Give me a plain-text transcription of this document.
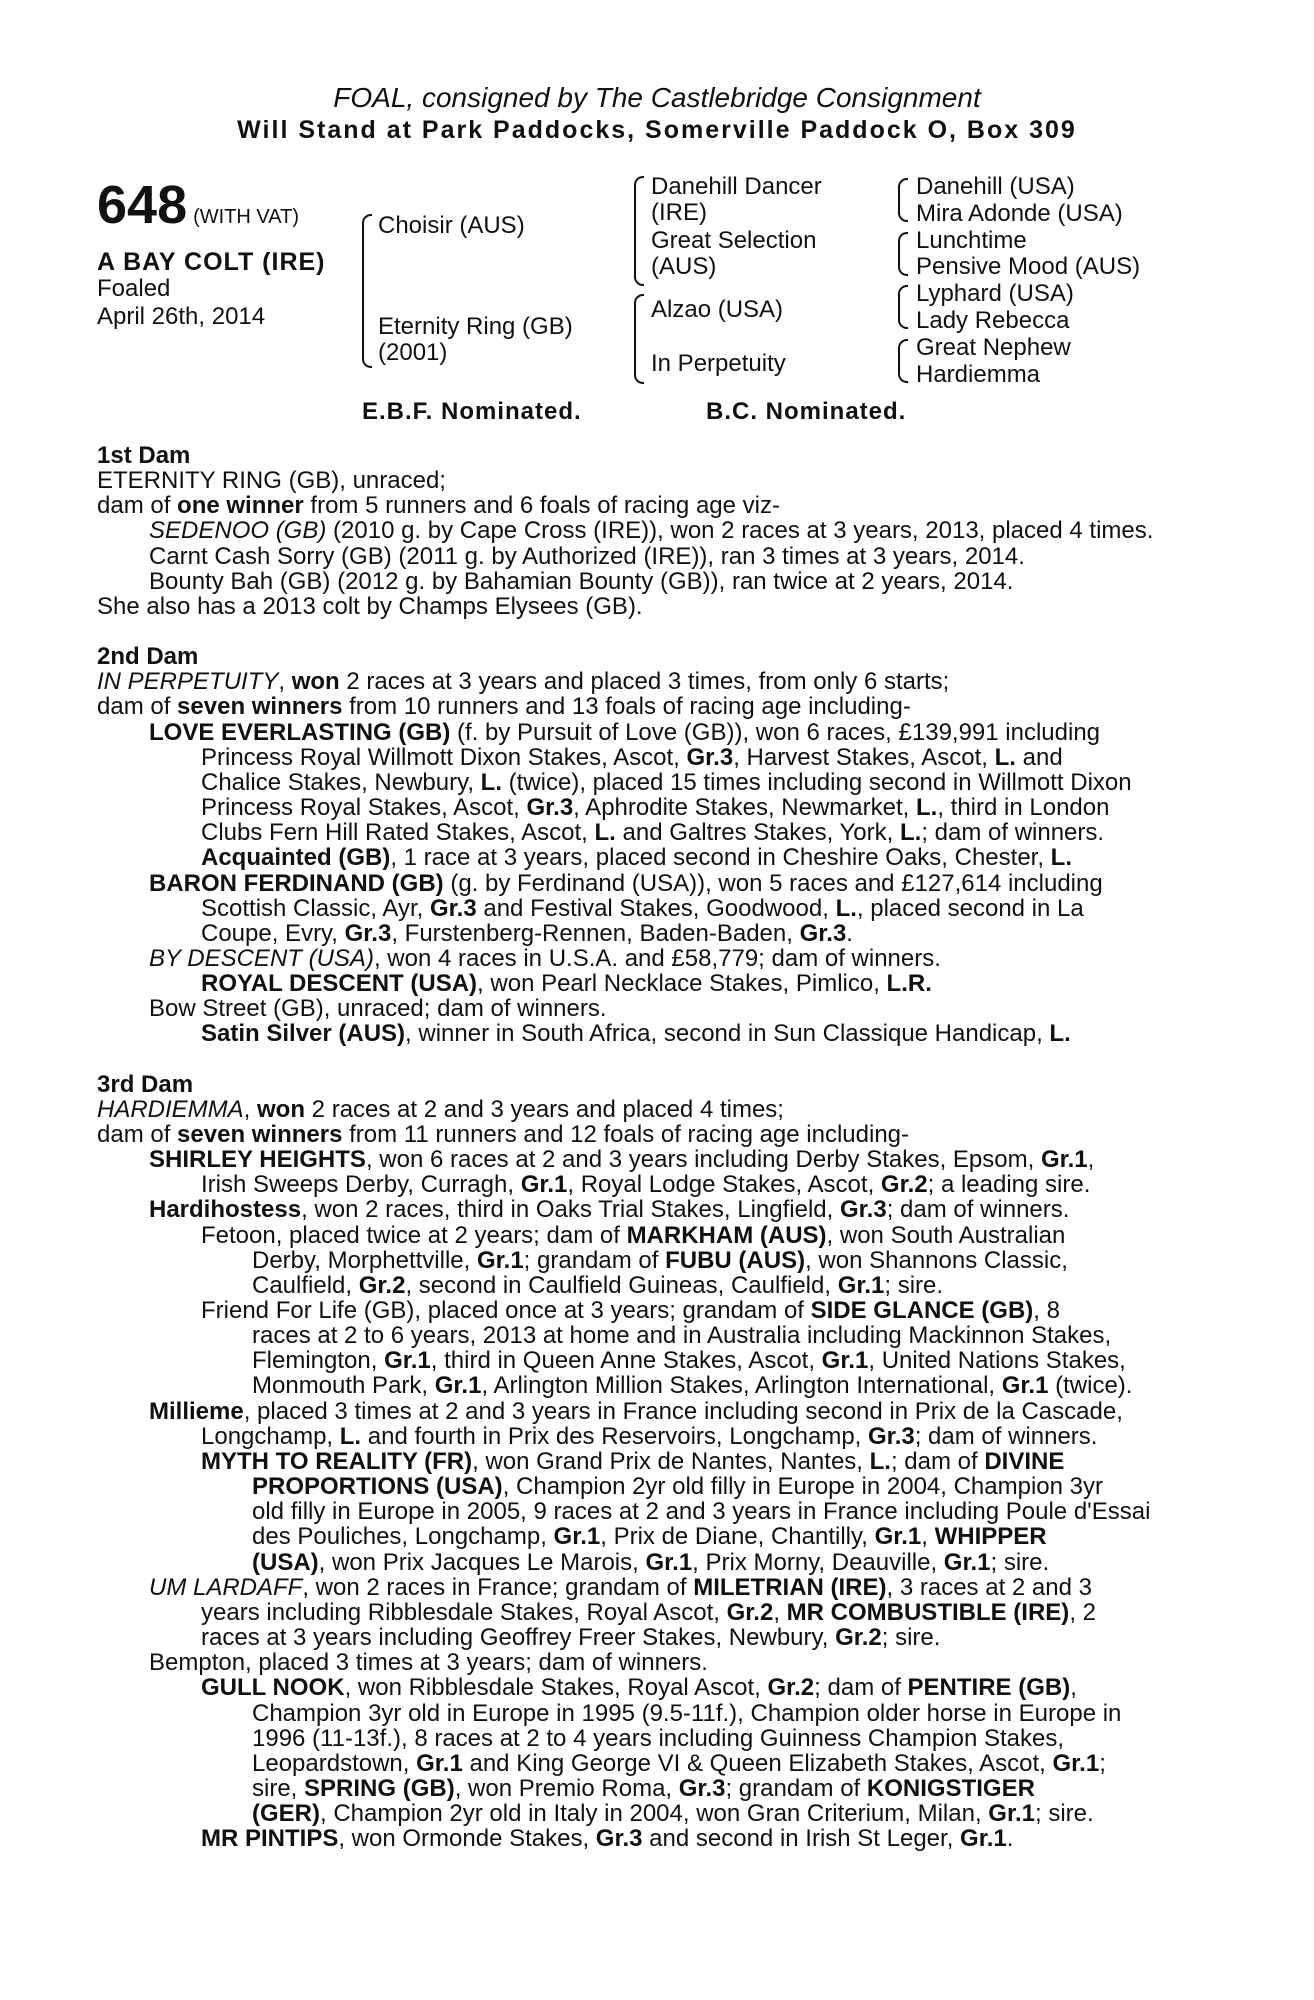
FOAL, consigned by The Castlebridge Consignment
Will Stand at Park Paddocks, Somerville Paddock O, Box 309
648 (WITH VAT)
A BAY COLT (IRE)
Foaled
April 26th, 2014
Choisir (AUS)
Eternity Ring (GB)
(2001)
Danehill Dancer
(IRE)
Great Selection
(AUS)
Alzao (USA)
In Perpetuity
Danehill (USA)
Mira Adonde (USA)
Lunchtime
Pensive Mood (AUS)
Lyphard (USA)
Lady Rebecca
Great Nephew
Hardiemma
E.B.F. Nominated.	B.C. Nominated.
1st Dam
ETERNITY RING (GB), unraced;
dam of one winner from 5 runners and 6 foals of racing age viz-
SEDENOO (GB) (2010 g. by Cape Cross (IRE)), won 2 races at 3 years, 2013, placed 4 times.
Carnt Cash Sorry (GB) (2011 g. by Authorized (IRE)), ran 3 times at 3 years, 2014.
Bounty Bah (GB) (2012 g. by Bahamian Bounty (GB)), ran twice at 2 years, 2014.
She also has a 2013 colt by Champs Elysees (GB).
2nd Dam
IN PERPETUITY, won 2 races at 3 years and placed 3 times, from only 6 starts;
dam of seven winners from 10 runners and 13 foals of racing age including-
LOVE EVERLASTING (GB) (f. by Pursuit of Love (GB)), won 6 races, £139,991 including
Princess Royal Willmott Dixon Stakes, Ascot, Gr.3, Harvest Stakes, Ascot, L. and
Chalice Stakes, Newbury, L. (twice), placed 15 times including second in Willmott Dixon
Princess Royal Stakes, Ascot, Gr.3, Aphrodite Stakes, Newmarket, L., third in London
Clubs Fern Hill Rated Stakes, Ascot, L. and Galtres Stakes, York, L.; dam of winners.
Acquainted (GB), 1 race at 3 years, placed second in Cheshire Oaks, Chester, L.
BARON FERDINAND (GB) (g. by Ferdinand (USA)), won 5 races and £127,614 including
Scottish Classic, Ayr, Gr.3 and Festival Stakes, Goodwood, L., placed second in La
Coupe, Evry, Gr.3, Furstenberg-Rennen, Baden-Baden, Gr.3.
BY DESCENT (USA), won 4 races in U.S.A. and £58,779; dam of winners.
ROYAL DESCENT (USA), won Pearl Necklace Stakes, Pimlico, L.R.
Bow Street (GB), unraced; dam of winners.
Satin Silver (AUS), winner in South Africa, second in Sun Classique Handicap, L.
3rd Dam
HARDIEMMA, won 2 races at 2 and 3 years and placed 4 times;
dam of seven winners from 11 runners and 12 foals of racing age including-
SHIRLEY HEIGHTS, won 6 races at 2 and 3 years including Derby Stakes, Epsom, Gr.1,
Irish Sweeps Derby, Curragh, Gr.1, Royal Lodge Stakes, Ascot, Gr.2; a leading sire.
Hardihostess, won 2 races, third in Oaks Trial Stakes, Lingfield, Gr.3; dam of winners.
Fetoon, placed twice at 2 years; dam of MARKHAM (AUS), won South Australian
Derby, Morphettville, Gr.1; grandam of FUBU (AUS), won Shannons Classic,
Caulfield, Gr.2, second in Caulfield Guineas, Caulfield, Gr.1; sire.
Friend For Life (GB), placed once at 3 years; grandam of SIDE GLANCE (GB), 8
races at 2 to 6 years, 2013 at home and in Australia including Mackinnon Stakes,
Flemington, Gr.1, third in Queen Anne Stakes, Ascot, Gr.1, United Nations Stakes,
Monmouth Park, Gr.1, Arlington Million Stakes, Arlington International, Gr.1 (twice).
Millieme, placed 3 times at 2 and 3 years in France including second in Prix de la Cascade,
Longchamp, L. and fourth in Prix des Reservoirs, Longchamp, Gr.3; dam of winners.
MYTH TO REALITY (FR), won Grand Prix de Nantes, Nantes, L.; dam of DIVINE
PROPORTIONS (USA), Champion 2yr old filly in Europe in 2004, Champion 3yr
old filly in Europe in 2005, 9 races at 2 and 3 years in France including Poule d'Essai
des Pouliches, Longchamp, Gr.1, Prix de Diane, Chantilly, Gr.1, WHIPPER
(USA), won Prix Jacques Le Marois, Gr.1, Prix Morny, Deauville, Gr.1; sire.
UM LARDAFF, won 2 races in France; grandam of MILETRIAN (IRE), 3 races at 2 and 3
years including Ribblesdale Stakes, Royal Ascot, Gr.2, MR COMBUSTIBLE (IRE), 2
races at 3 years including Geoffrey Freer Stakes, Newbury, Gr.2; sire.
Bempton, placed 3 times at 3 years; dam of winners.
GULL NOOK, won Ribblesdale Stakes, Royal Ascot, Gr.2; dam of PENTIRE (GB),
Champion 3yr old in Europe in 1995 (9.5-11f.), Champion older horse in Europe in
1996 (11-13f.), 8 races at 2 to 4 years including Guinness Champion Stakes,
Leopardstown, Gr.1 and King George VI & Queen Elizabeth Stakes, Ascot, Gr.1;
sire, SPRING (GB), won Premio Roma, Gr.3; grandam of KONIGSTIGER
(GER), Champion 2yr old in Italy in 2004, won Gran Criterium, Milan, Gr.1; sire.
MR PINTIPS, won Ormonde Stakes, Gr.3 and second in Irish St Leger, Gr.1.
